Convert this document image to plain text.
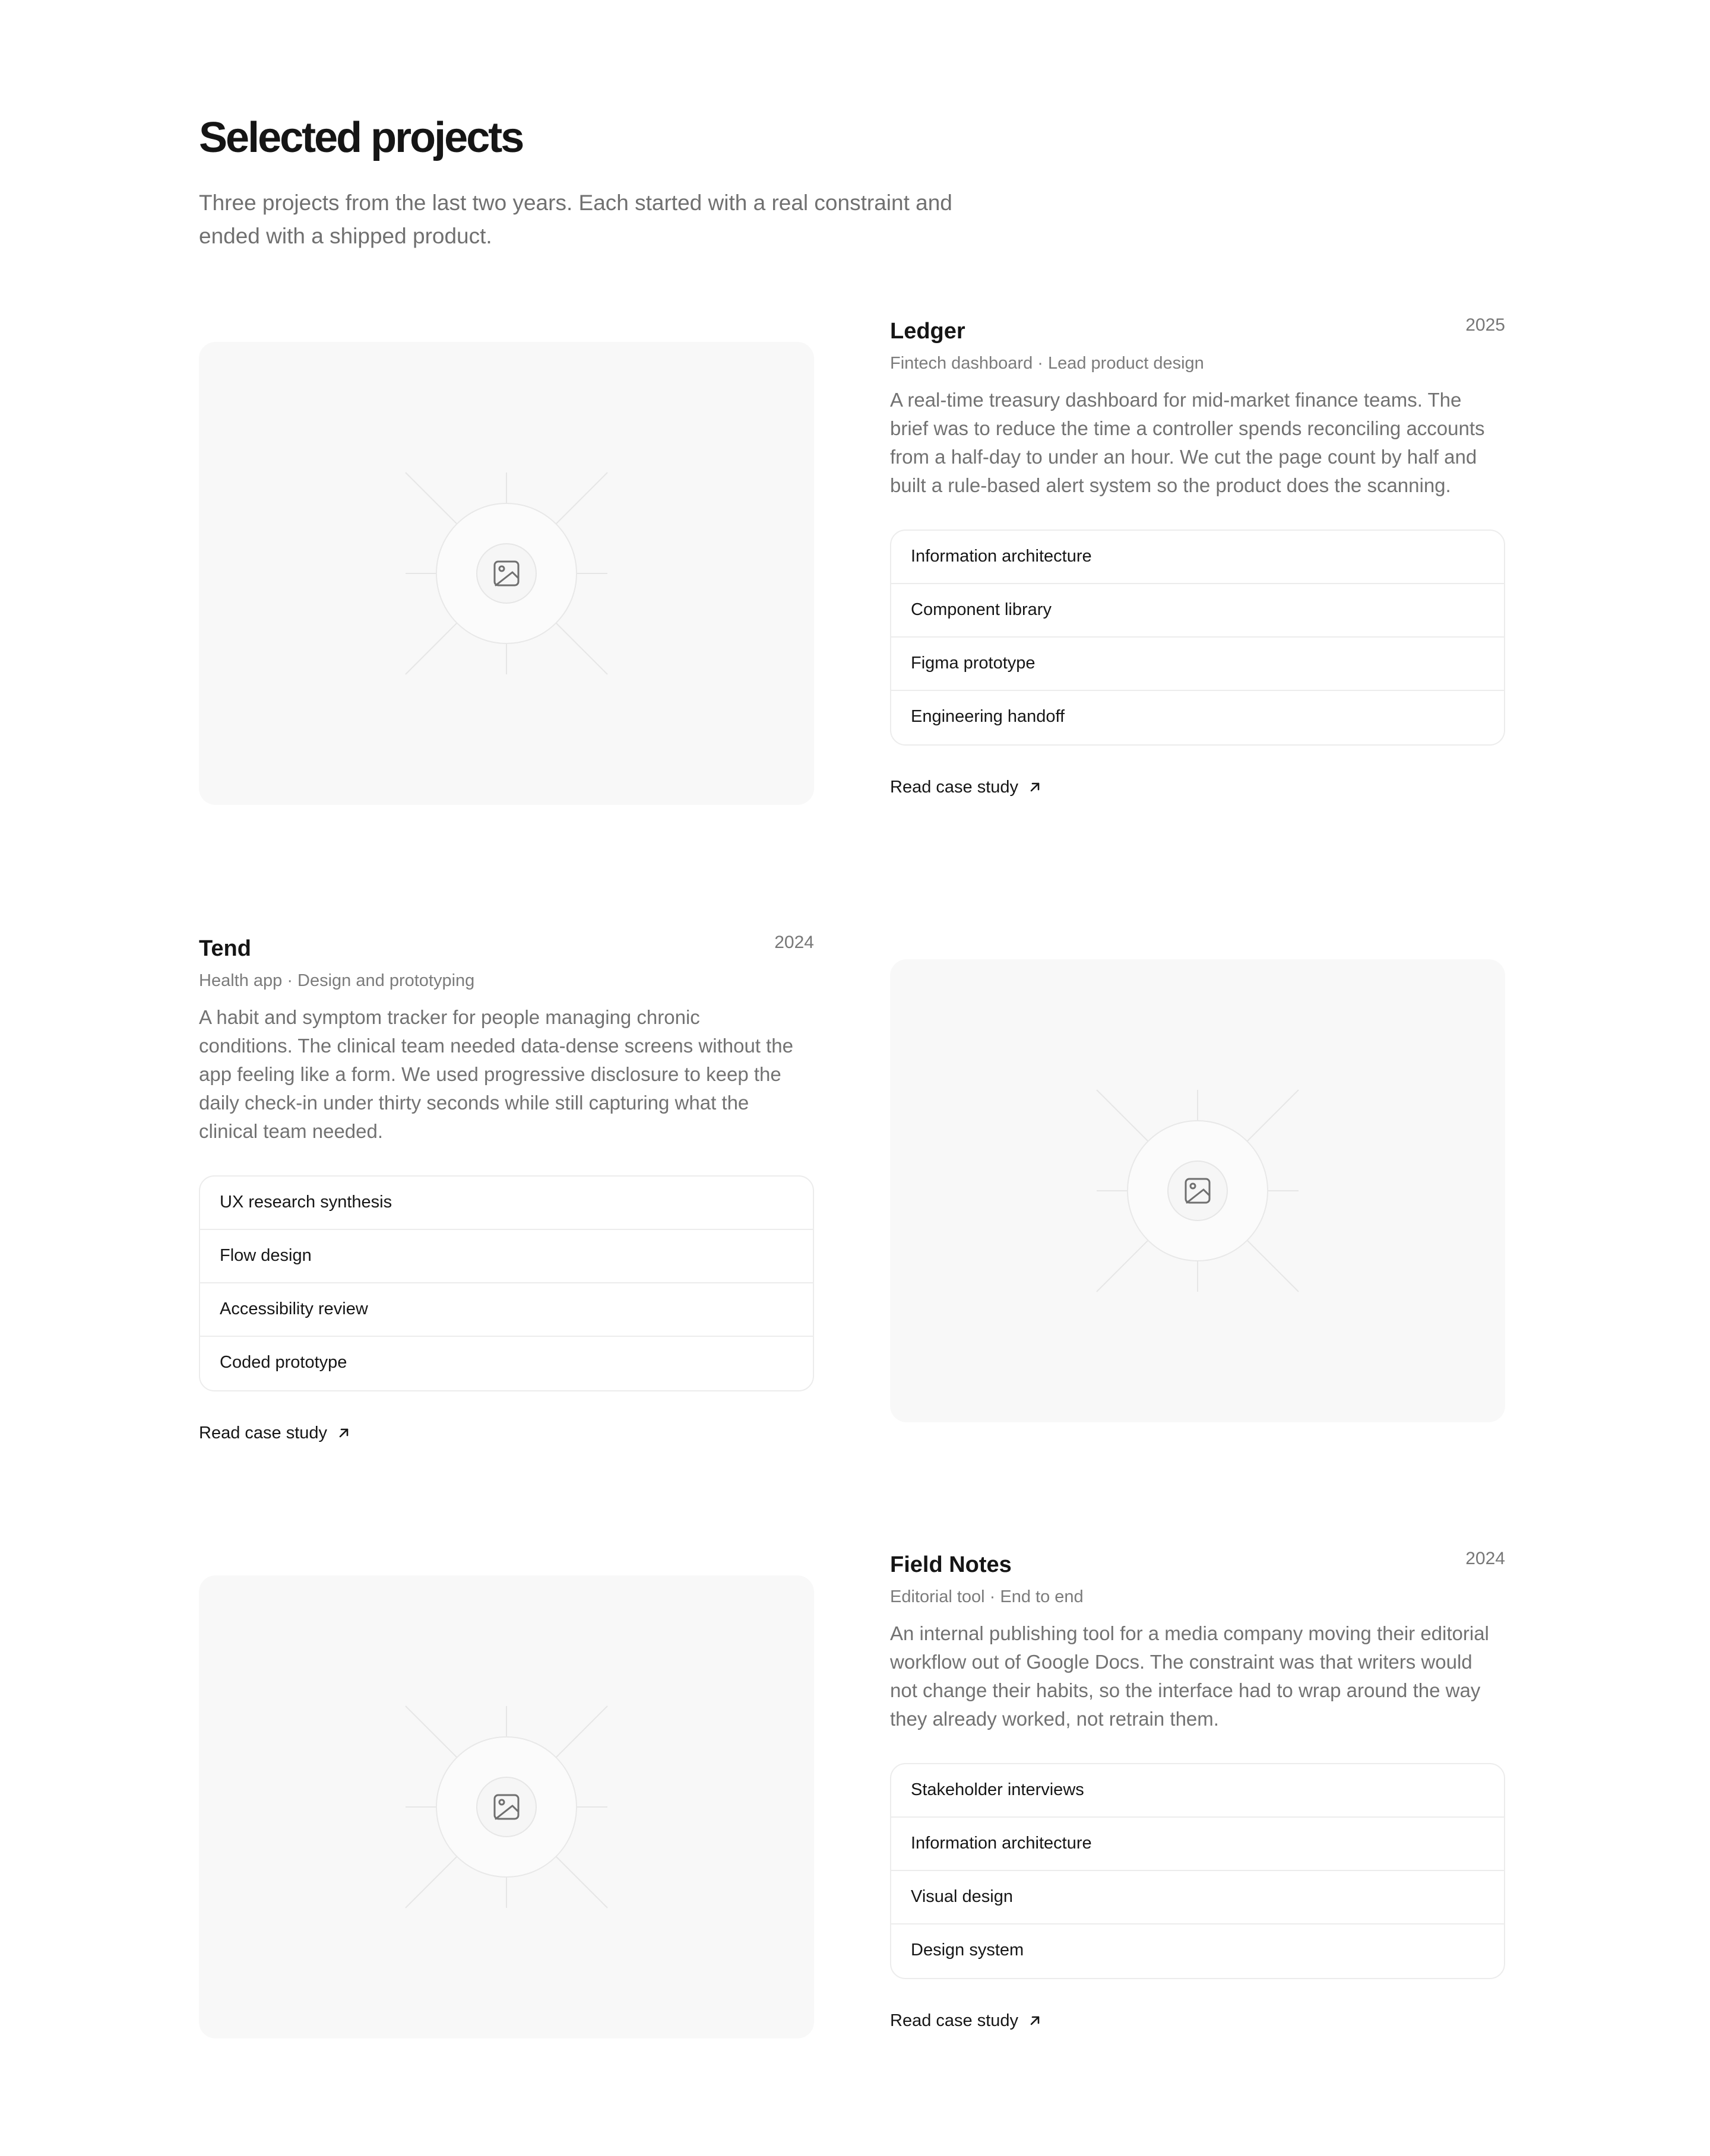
Selected projects

Three projects from the last two years. Each started with a real constraint and ended with a shipped product.

Ledger	2025

Fintech dashboard · Lead product design

A real-time treasury dashboard for mid-market finance teams. The brief was to reduce the time a controller spends reconciling accounts from a half-day to under an hour. We cut the page count by half and built a rule-based alert system so the product does the scanning.

Information architecture
Component library
Figma prototype
Engineering handoff
Read case study
Tend	2024

Health app · Design and prototyping

A habit and symptom tracker for people managing chronic conditions. The clinical team needed data-dense screens without the app feeling like a form. We used progressive disclosure to keep the daily check-in under thirty seconds while still capturing what the clinical team needed.

UX research synthesis
Flow design
Accessibility review
Coded prototype
Read case study
Field Notes	2024

Editorial tool · End to end

An internal publishing tool for a media company moving their editorial workflow out of Google Docs. The constraint was that writers would not change their habits, so the interface had to wrap around the way they already worked, not retrain them.

Stakeholder interviews
Information architecture
Visual design
Design system
Read case study
